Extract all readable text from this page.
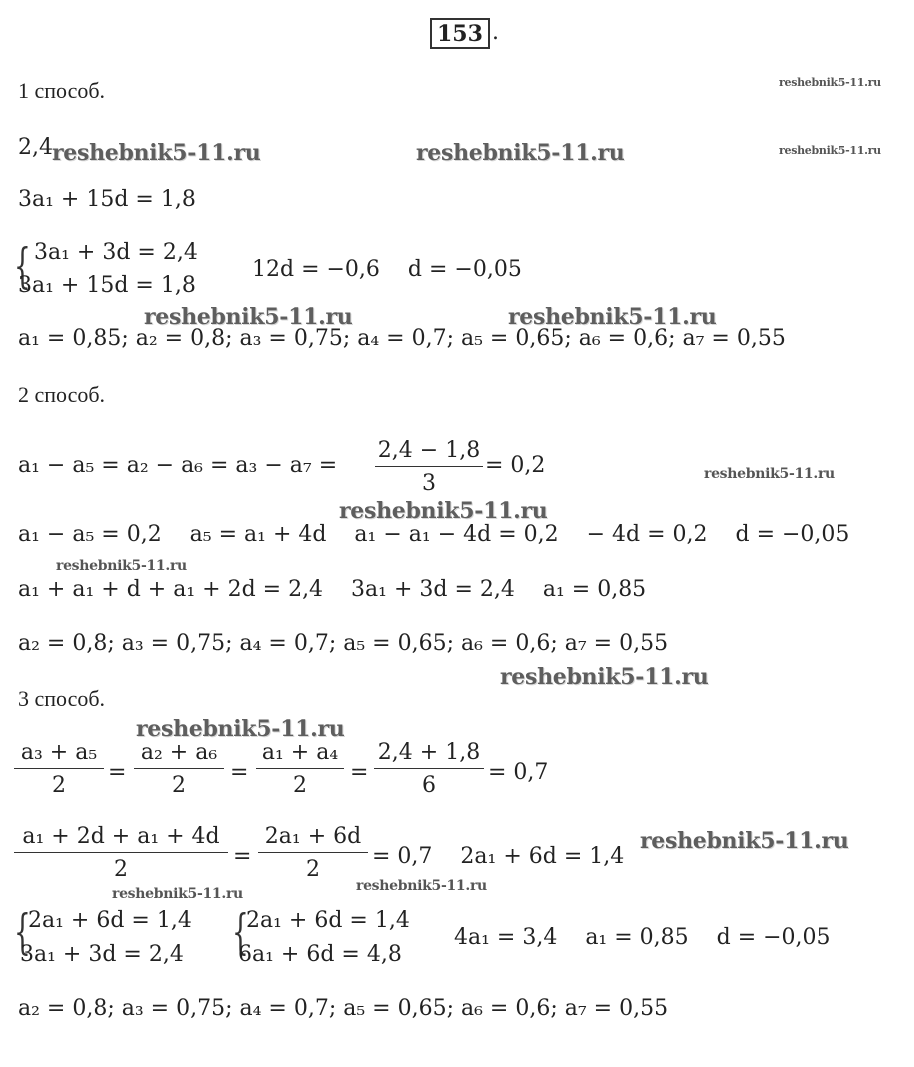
153 .
1 способ.
2,4
3a₁ + 15d = 1,8
{ 3a₁ + 3d = 2,4
3a₁ + 15d = 1,8
12d = −0,6    d = −0,05
a₁ = 0,85; a₂ = 0,8; a₃ = 0,75; a₄ = 0,7; a₅ = 0,65; a₆ = 0,6; a₇ = 0,55
2 способ.
a₁ − a₅ = a₂ − a₆ = a₃ − a₇ =
2,4 − 1,8
3
= 0,2
a₁ − a₅ = 0,2    a₅ = a₁ + 4d    a₁ − a₁ − 4d = 0,2    − 4d = 0,2    d = −0,05
a₁ + a₁ + d + a₁ + 2d = 2,4    3a₁ + 3d = 2,4    a₁ = 0,85
a₂ = 0,8; a₃ = 0,75; a₄ = 0,7; a₅ = 0,65; a₆ = 0,6; a₇ = 0,55
3 способ.
a₃ + a₅
2
=
a₂ + a₆
2
=
a₁ + a₄
2
=
2,4 + 1,8
6
= 0,7
a₁ + 2d + a₁ + 4d
2
=
2a₁ + 6d
2
= 0,7    2a₁ + 6d = 1,4
{
2a₁ + 6d = 1,4
3a₁ + 3d = 2,4 {
2a₁ + 6d = 1,4
6a₁ + 6d = 4,8
4a₁ = 3,4    a₁ = 0,85    d = −0,05
a₂ = 0,8; a₃ = 0,75; a₄ = 0,7; a₅ = 0,65; a₆ = 0,6; a₇ = 0,55
reshebnik5-11.ru
reshebnik5-11.ru	reshebnik5-11.ru	reshebnik5-11.ru
reshebnik5-11.ru	reshebnik5-11.ru
reshebnik5-11.ru
reshebnik5-11.ru
reshebnik5-11.ru
reshebnik5-11.ru
reshebnik5-11.ru
reshebnik5-11.ru
reshebnik5-11.ru
reshebnik5-11.ru
